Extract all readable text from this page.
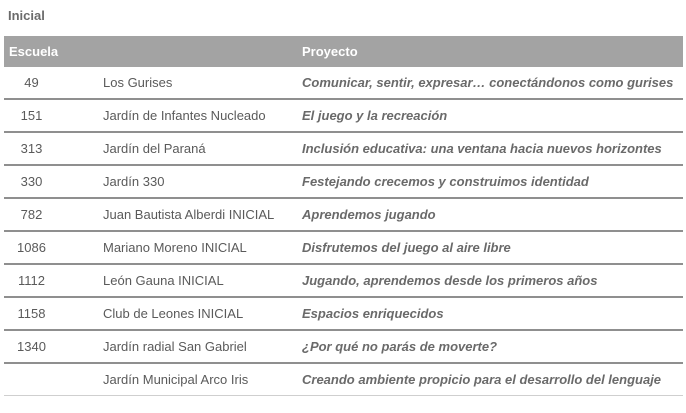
Inicial
Escuela		Proyecto
49	Los Gurises	Comunicar, sentir, expresar… conectándonos como gurises
151	Jardín de Infantes Nucleado	El juego y la recreación
313	Jardín del Paraná	Inclusión educativa: una ventana hacia nuevos horizontes
330	Jardín 330	Festejando crecemos y construimos identidad
782	Juan Bautista Alberdi INICIAL	Aprendemos jugando
1086	Mariano Moreno INICIAL	Disfrutemos del juego al aire libre
1112	León Gauna INICIAL	Jugando, aprendemos desde los primeros años
1158	Club de Leones INICIAL	Espacios enriquecidos
1340	Jardín radial San Gabriel	¿Por qué no parás de moverte?
	Jardín Municipal Arco Iris	Creando ambiente propicio para el desarrollo del lenguaje
